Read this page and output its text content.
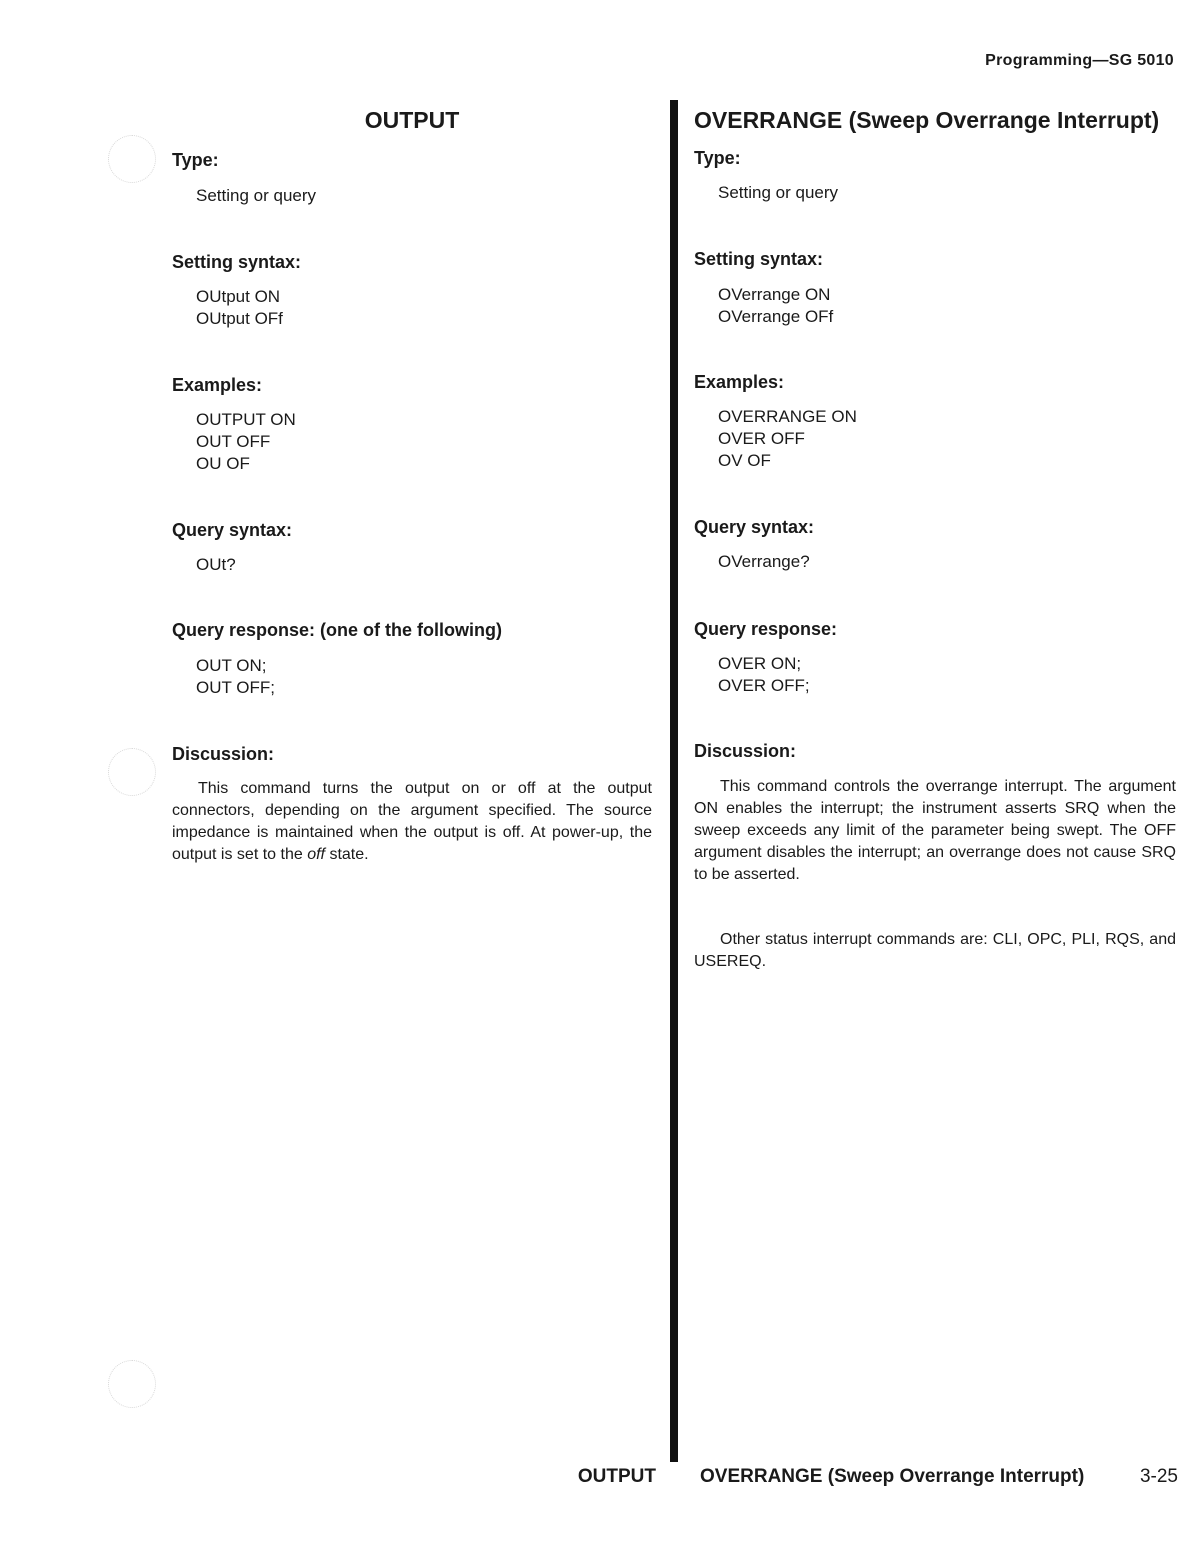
Programming—SG 5010
OUTPUT
Type:
Setting or query
Setting syntax:
OUtput ON
OUtput OFf
Examples:
OUTPUT ON
OUT OFF
OU OF
Query syntax:
OUt?
Query response: (one of the following)
OUT ON;
OUT OFF;
Discussion:

This command turns the output on or off at the output connectors, depending on the argument specified. The source impedance is maintained when the output is off. At power-up, the output is set to the off state.

OVERRANGE (Sweep Overrange Interrupt)
Type:
Setting or query
Setting syntax:
OVerrange ON
OVerrange OFf
Examples:
OVERRANGE ON
OVER OFF
OV OF
Query syntax:
OVerrange?
Query response:
OVER ON;
OVER OFF;
Discussion:

This command controls the overrange interrupt. The argument ON enables the interrupt; the instrument asserts SRQ when the sweep exceeds any limit of the parameter being swept. The OFF argument disables the interrupt; an overrange does not cause SRQ to be asserted.

Other status interrupt commands are: CLI, OPC, PLI, RQS, and USEREQ.

OUTPUT OVERRANGE (Sweep Overrange Interrupt)	3-25
